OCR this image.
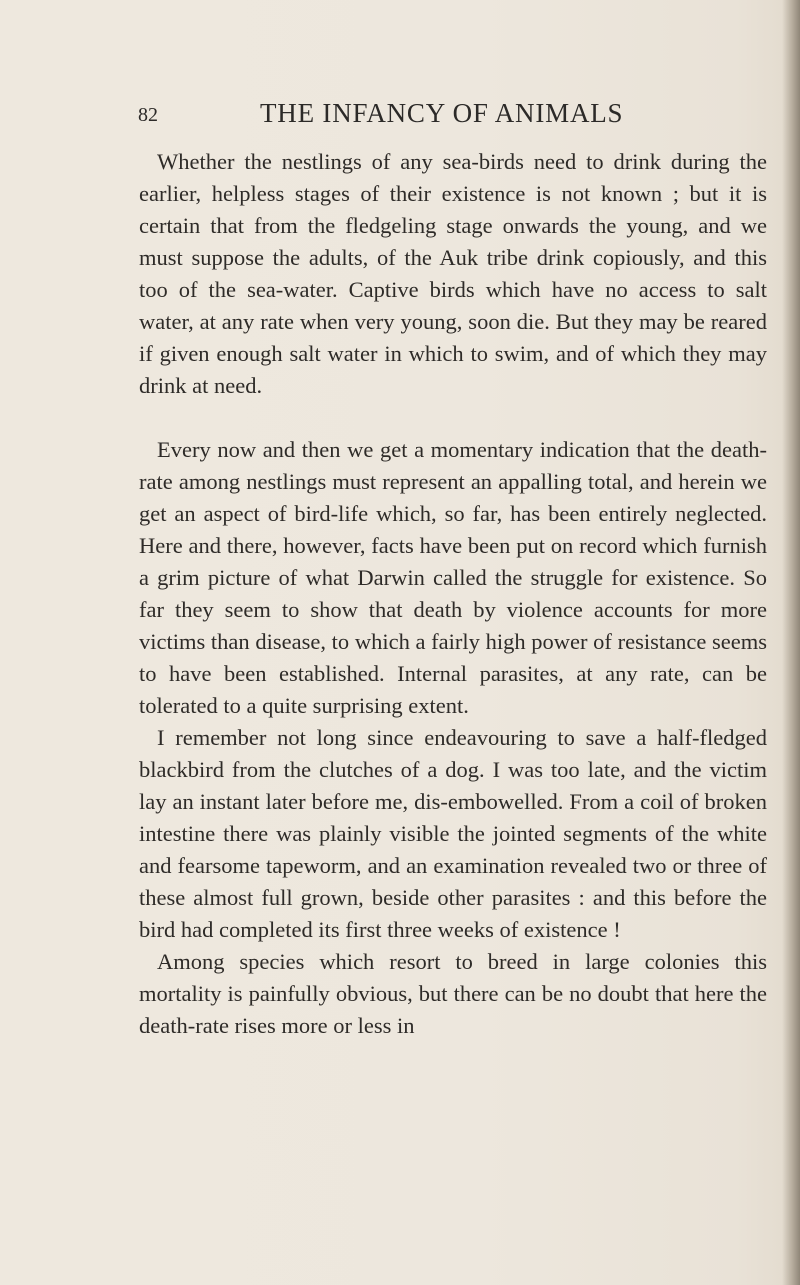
82	THE INFANCY OF ANIMALS

Whether the nestlings of any sea-birds need to drink during the earlier, helpless stages of their existence is not known ; but it is certain that from the fledgeling stage onwards the young, and we must suppose the adults, of the Auk tribe drink copiously, and this too of the sea-water. Captive birds which have no access to salt water, at any rate when very young, soon die. But they may be reared if given enough salt water in which to swim, and of which they may drink at need.

Every now and then we get a momentary indication that the death-rate among nestlings must represent an appalling total, and herein we get an aspect of bird-life which, so far, has been entirely neglected. Here and there, however, facts have been put on record which furnish a grim picture of what Darwin called the struggle for existence. So far they seem to show that death by violence accounts for more victims than disease, to which a fairly high power of resistance seems to have been established. Internal parasites, at any rate, can be tolerated to a quite surprising extent.

I remember not long since endeavouring to save a half-fledged blackbird from the clutches of a dog. I was too late, and the victim lay an instant later before me, dis-embowelled. From a coil of broken intestine there was plainly visible the jointed segments of the white and fearsome tapeworm, and an examination revealed two or three of these almost full grown, beside other parasites : and this before the bird had completed its first three weeks of existence !

Among species which resort to breed in large colonies this mortality is painfully obvious, but there can be no doubt that here the death-rate rises more or less in
